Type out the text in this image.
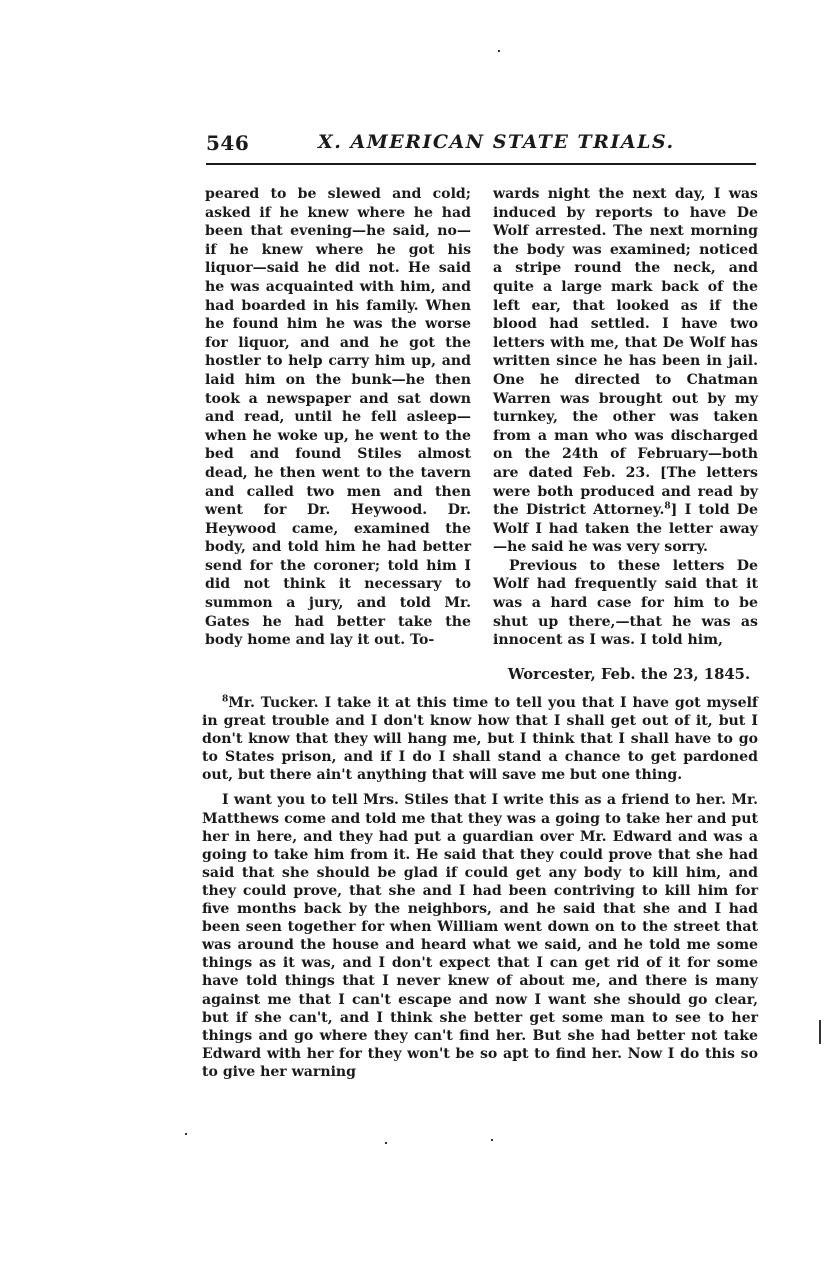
546	X. AMERICAN STATE TRIALS.

peared to be slewed and cold; asked if he knew where he had been that evening—he said, no—if he knew where he got his liquor—said he did not. He said he was acquainted with him, and had boarded in his family. When he found him he was the worse for liquor, and and he got the hostler to help carry him up, and laid him on the bunk—he then took a newspaper and sat down and read, until he fell asleep—when he woke up, he went to the bed and found Stiles almost dead, he then went to the tavern and called two men and then went for Dr. Heywood. Dr. Heywood came, examined the body, and told him he had better send for the coroner; told him I did not think it necessary to summon a jury, and told Mr. Gates he had better take the body home and lay it out. To-

wards night the next day, I was induced by reports to have De Wolf arrested. The next morning the body was examined; noticed a stripe round the neck, and quite a large mark back of the left ear, that looked as if the blood had settled. I have two letters with me, that De Wolf has written since he has been in jail. One he directed to Chatman Warren was brought out by my turnkey, the other was taken from a man who was discharged on the 24th of February—both are dated Feb. 23. [The letters were both produced and read by the District Attorney.$^8$] I told De Wolf I had taken the letter away—he said he was very sorry.

Previous to these letters De Wolf had frequently said that it was a hard case for him to be shut up there,—that he was as innocent as I was. I told him,

Worcester, Feb. the 23, 1845.

$^8$Mr. Tucker. I take it at this time to tell you that I have got myself in great trouble and I don't know how that I shall get out of it, but I don't know that they will hang me, but I think that I shall have to go to States prison, and if I do I shall stand a chance to get pardoned out, but there ain't anything that will save me but one thing.

I want you to tell Mrs. Stiles that I write this as a friend to her. Mr. Matthews come and told me that they was a going to take her and put her in here, and they had put a guardian over Mr. Edward and was a going to take him from it. He said that they could prove that she had said that she should be glad if could get any body to kill him, and they could prove, that she and I had been contriving to kill him for five months back by the neighbors, and he said that she and I had been seen together for when William went down on to the street that was around the house and heard what we said, and he told me some things as it was, and I don't expect that I can get rid of it for some have told things that I never knew of about me, and there is many against me that I can't escape and now I want she should go clear, but if she can't, and I think she better get some man to see to her things and go where they can't find her. But she had better not take Edward with her for they won't be so apt to find her. Now I do this so to give her warning
